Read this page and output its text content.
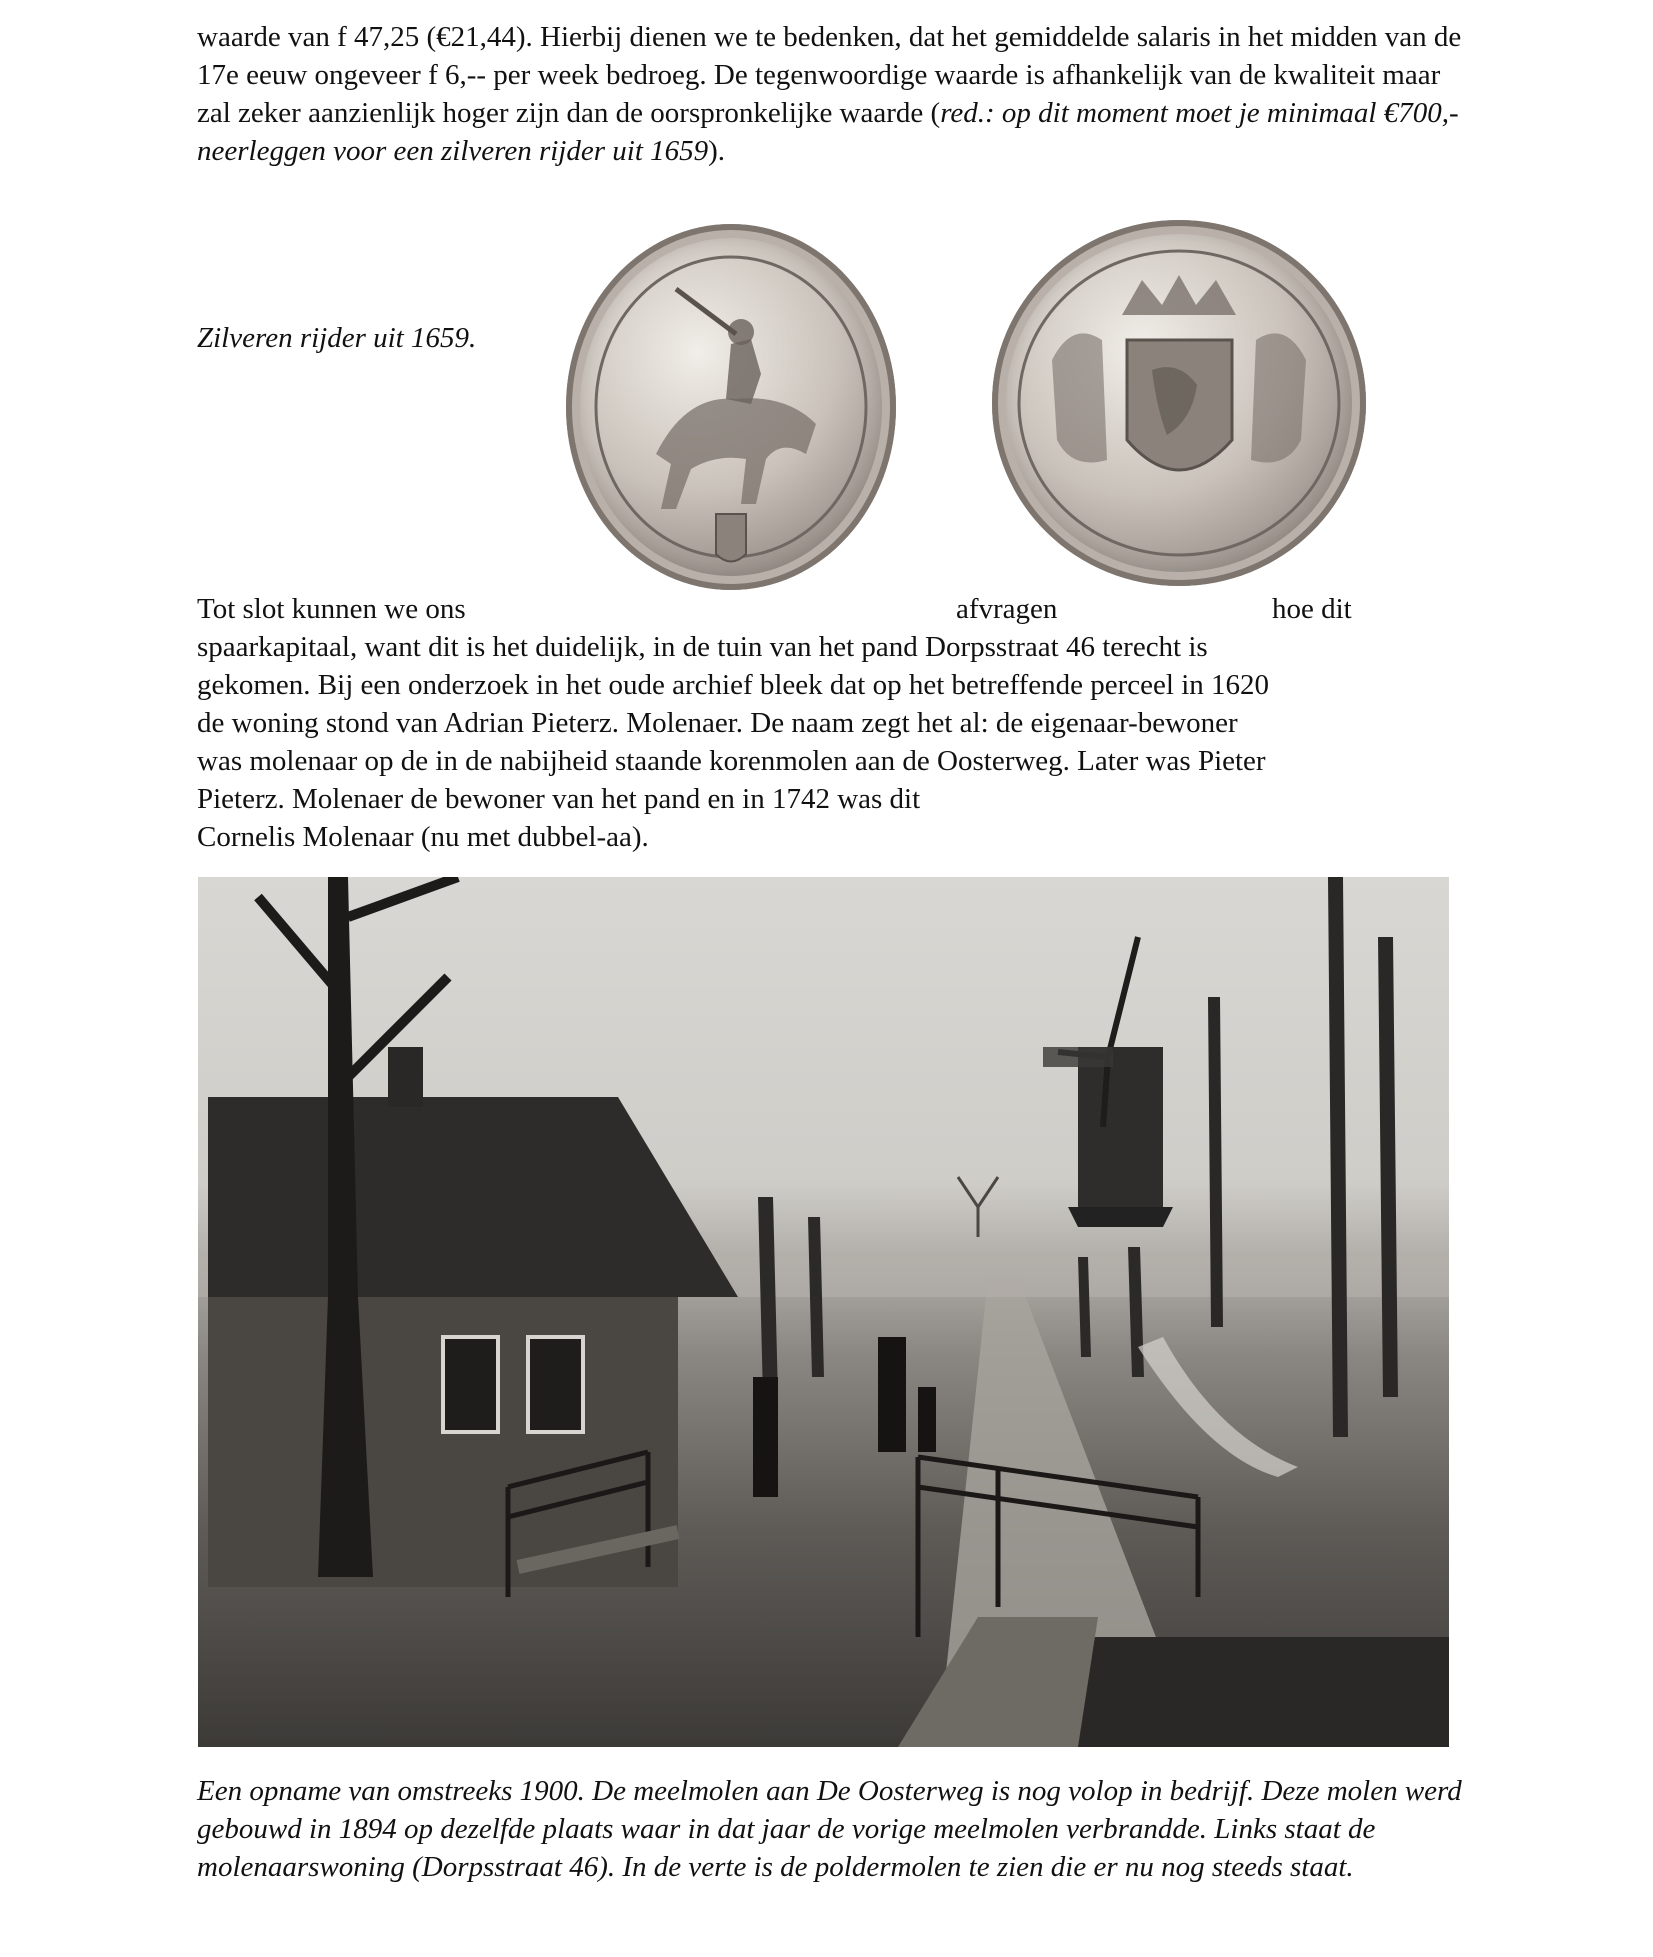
waarde van f 47,25 (€21,44). Hierbij dienen we te bedenken, dat het gemiddelde salaris in het midden van de 17e eeuw ongeveer f 6,-- per week bedroeg. De tegenwoordige waarde is afhankelijk van de kwaliteit maar zal zeker aanzienlijk hoger zijn dan de oorspronkelijke waarde (red.: op dit moment moet je minimaal €700,- neerleggen voor een zilveren rijder uit 1659).

Zilveren rijder uit 1659.

Tot slot kunnen we ons	afvragen	hoe dit
spaarkapitaal, want dit is het duidelijk, in de tuin van het pand Dorpsstraat 46 terecht is
gekomen. Bij een onderzoek in het oude archief bleek dat op het betreffende perceel in 1620
de woning stond van Adrian Pieterz. Molenaer. De naam zegt het al: de eigenaar-bewoner
was molenaar op de in de nabijheid staande korenmolen aan de Oosterweg. Later was Pieter
Pieterz. Molenaer de bewoner van het pand en in 1742 was dit
Cornelis Molenaar (nu met dubbel-aa).

Een opname van omstreeks 1900. De meelmolen aan De Oosterweg is nog volop in bedrijf. Deze molen werd gebouwd in 1894 op dezelfde plaats waar in dat jaar de vorige meelmolen verbrandde. Links staat de molenaarswoning (Dorpsstraat 46). In de verte is de poldermolen te zien die er nu nog steeds staat.
